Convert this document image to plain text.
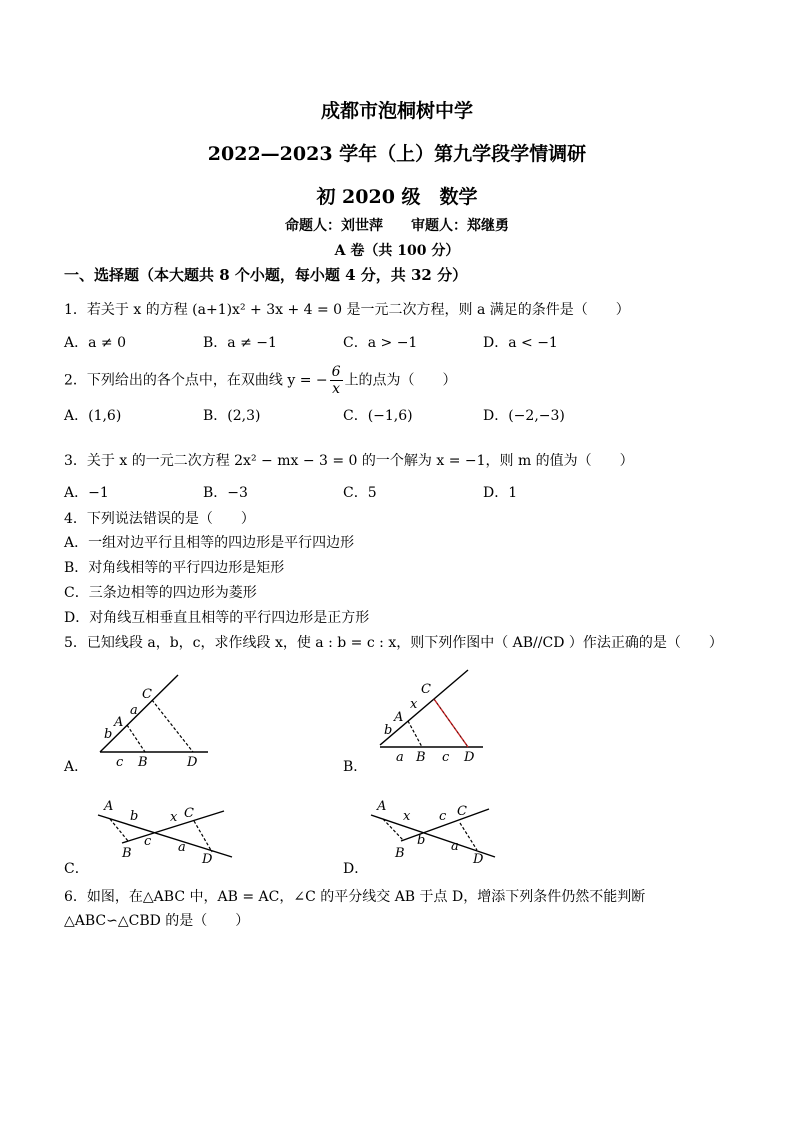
成都市泡桐树中学
2022—2023 学年（上）第九学段学情调研
初 2020 级　数学
命题人：刘世萍　　审题人：郑继勇
A 卷（共 100 分）
一、选择题（本大题共 8 个小题，每小题 4 分，共 32 分）
1．若关于 x 的方程 (a+1)x² + 3x + 4 = 0 是一元二次方程，则 a 满足的条件是（　　）
A．a ≠ 0	B．a ≠ −1	C．a > −1	D．a < −1
2．下列给出的各个点中，在双曲线 y = − $\frac{6}{x}$ 上的点为（　　）
A．(1,6)	B．(2,3)	C．(−1,6)	D．(−2,−3)
3．关于 x 的一元二次方程 2x² − mx − 3 = 0 的一个解为 x = −1，则 m 的值为（　　）
A．−1	B．−3	C．5	D．1
4．下列说法错误的是（　　）
A．一组对边平行且相等的四边形是平行四边形
B．对角线相等的平行四边形是矩形
C．三条边相等的四边形为菱形
D．对角线互相垂直且相等的平行四边形是正方形
5．已知线段 a，b，c，求作线段 x，使 a : b = c : x，则下列作图中（ AB//CD ）作法正确的是（　　）
A．
C
a
A
b
c B	D	B．
C
x
A
b
a B c D
C．
A
b x C
B
c a
D
D．
A
x c C
B
b a
D
6．如图，在△ABC 中，AB = AC，∠C 的平分线交 AB 于点 D，增添下列条件仍然不能判断
△ABC∽△CBD 的是（　　）
